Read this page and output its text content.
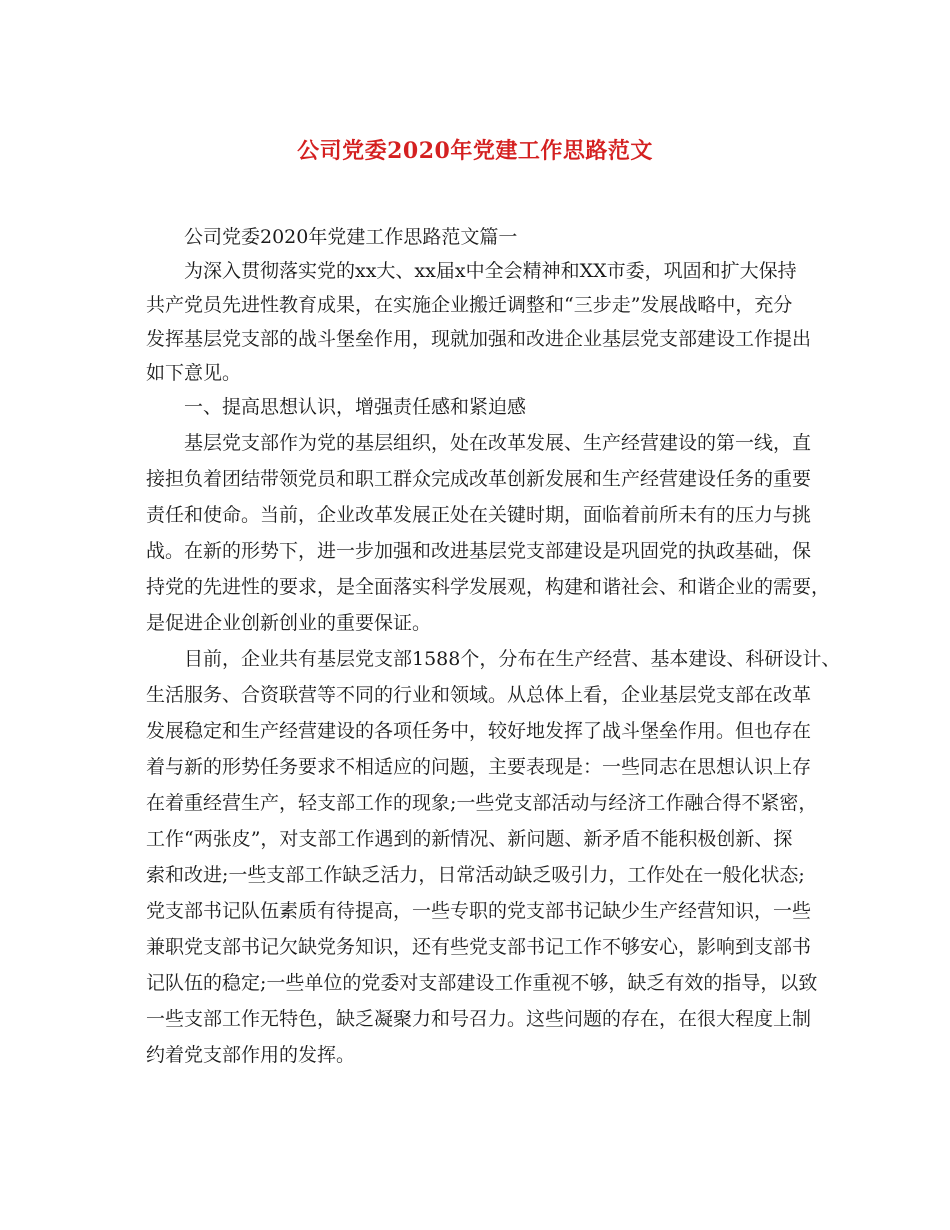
公司党委2020年党建工作思路范文

公司党委2020年党建工作思路范文篇一

为深入贯彻落实党的xx大、xx届x中全会精神和XX市委，巩固和扩大保持

共产党员先进性教育成果，在实施企业搬迁调整和“三步走”发展战略中，充分

发挥基层党支部的战斗堡垒作用，现就加强和改进企业基层党支部建设工作提出

如下意见。

一、提高思想认识，增强责任感和紧迫感

基层党支部作为党的基层组织，处在改革发展、生产经营建设的第一线，直

接担负着团结带领党员和职工群众完成改革创新发展和生产经营建设任务的重要

责任和使命。当前，企业改革发展正处在关键时期，面临着前所未有的压力与挑

战。在新的形势下，进一步加强和改进基层党支部建设是巩固党的执政基础，保

持党的先进性的要求，是全面落实科学发展观，构建和谐社会、和谐企业的需要，

是促进企业创新创业的重要保证。

目前，企业共有基层党支部1588个，分布在生产经营、基本建设、科研设计、

生活服务、合资联营等不同的行业和领域。从总体上看，企业基层党支部在改革

发展稳定和生产经营建设的各项任务中，较好地发挥了战斗堡垒作用。但也存在

着与新的形势任务要求不相适应的问题，主要表现是：一些同志在思想认识上存

在着重经营生产，轻支部工作的现象;一些党支部活动与经济工作融合得不紧密，

工作“两张皮”，对支部工作遇到的新情况、新问题、新矛盾不能积极创新、探

索和改进;一些支部工作缺乏活力，日常活动缺乏吸引力，工作处在一般化状态;

党支部书记队伍素质有待提高，一些专职的党支部书记缺少生产经营知识，一些

兼职党支部书记欠缺党务知识，还有些党支部书记工作不够安心，影响到支部书

记队伍的稳定;一些单位的党委对支部建设工作重视不够，缺乏有效的指导，以致

一些支部工作无特色，缺乏凝聚力和号召力。这些问题的存在，在很大程度上制

约着党支部作用的发挥。
